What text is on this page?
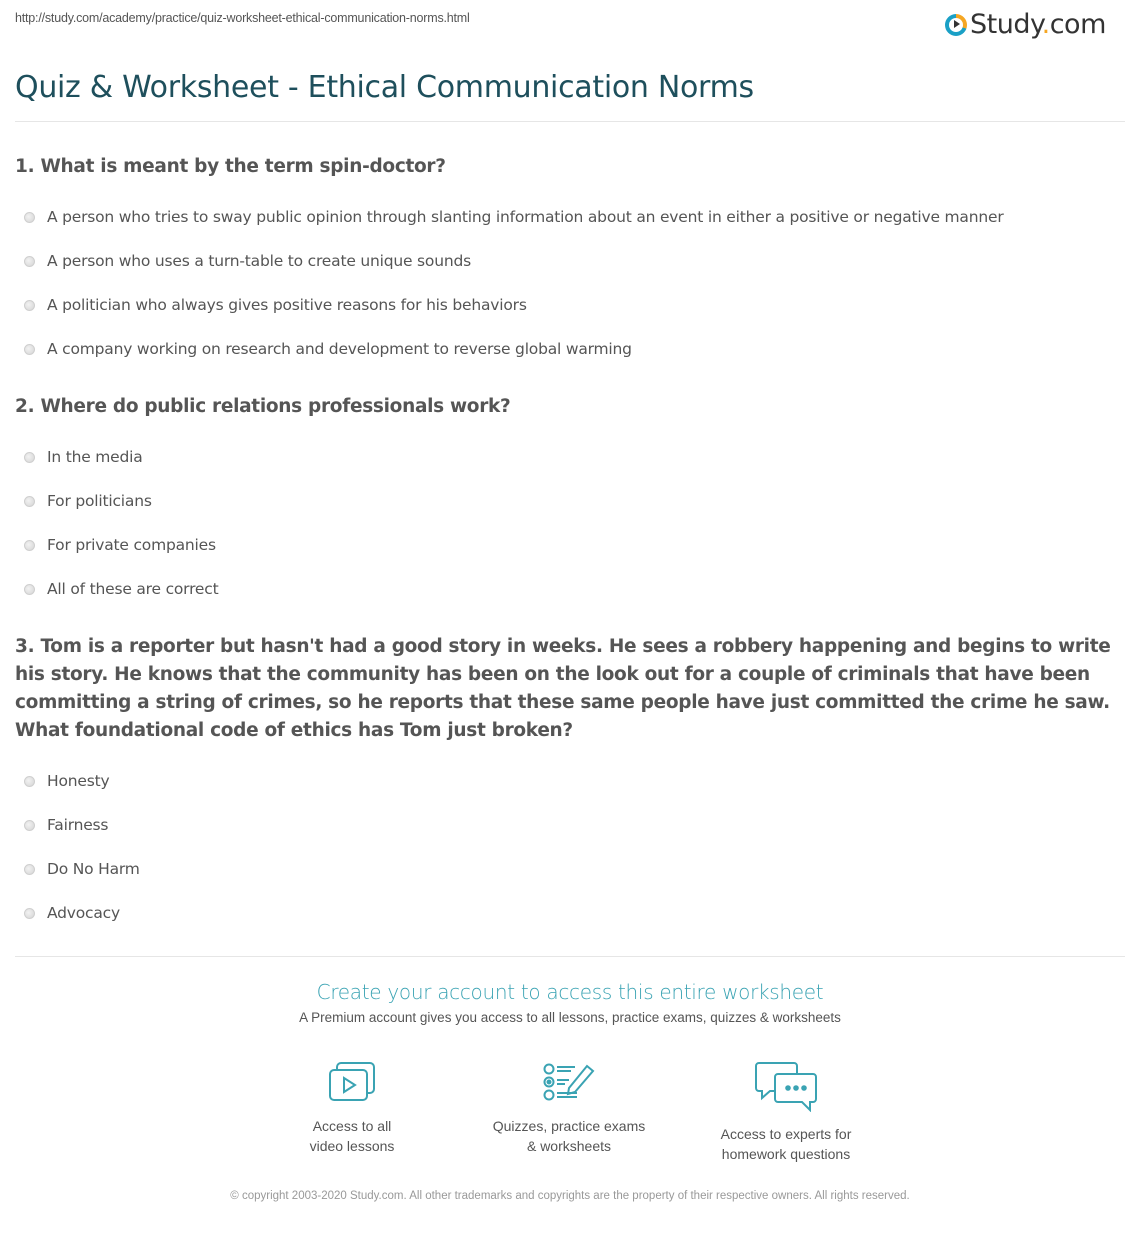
http://study.com/academy/practice/quiz-worksheet-ethical-communication-norms.html	Study.com
Quiz & Worksheet - Ethical Communication Norms
1. What is meant by the term spin-doctor?
A person who tries to sway public opinion through slanting information about an event in either a positive or negative manner
A person who uses a turn-table to create unique sounds
A politician who always gives positive reasons for his behaviors
A company working on research and development to reverse global warming
2. Where do public relations professionals work?
In the media
For politicians
For private companies
All of these are correct
3. Tom is a reporter but hasn't had a good story in weeks. He sees a robbery happening and begins to write his story. He knows that the community has been on the look out for a couple of criminals that have been committing a string of crimes, so he reports that these same people have just committed the crime he saw. What foundational code of ethics has Tom just broken?
Honesty
Fairness
Do No Harm
Advocacy
Create your account to access this entire worksheet
A Premium account gives you access to all lessons, practice exams, quizzes & worksheets
Access to all
video lessons
Quizzes, practice exams
& worksheets
Access to experts for
homework questions
© copyright 2003-2020 Study.com. All other trademarks and copyrights are the property of their respective owners. All rights reserved.
